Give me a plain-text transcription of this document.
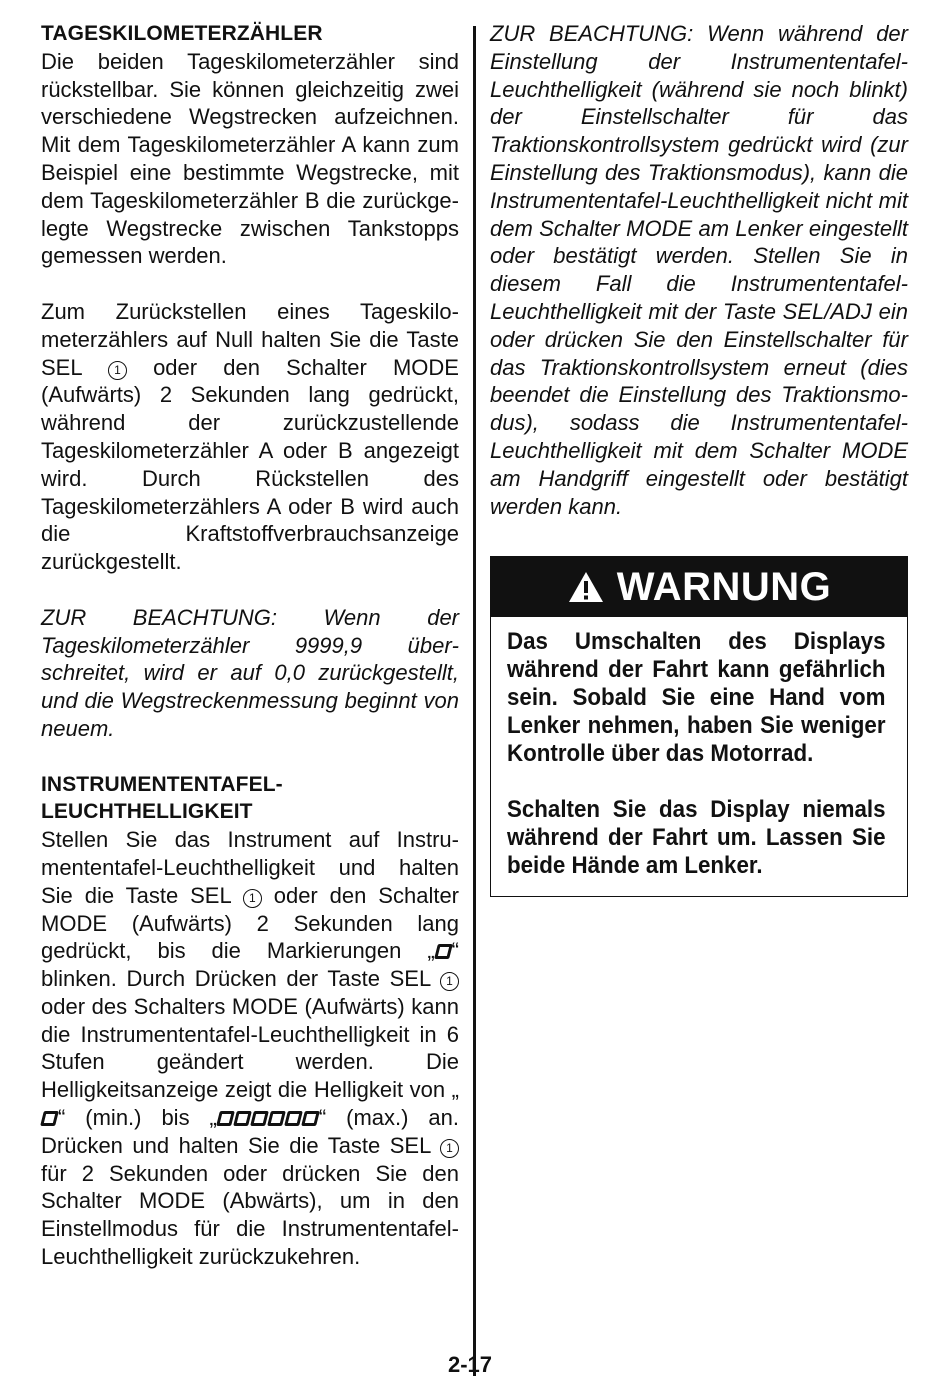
TAGESKILOMETERZÄHLER

Die beiden Tageskilometerzähler sind rückstellbar. Sie können gleichzeitig zwei verschiedene Wegstrecken aufzeichnen. Mit dem Tageskilometerzähler A kann zum Beispiel eine bestimmte Wegstrecke, mit dem Tageskilometerzähler B die zurückgelegte Wegstrecke zwischen Tankstopps gemessen werden.

Zum Zurückstellen eines Tageskilometerzählers auf Null halten Sie die Taste SEL 1 oder den Schalter MODE (Aufwärts) 2 Sekunden lang gedrückt, während der zurückzustellende Tageskilometerzähler A oder B angezeigt wird. Durch Rückstellen des Tageskilometerzählers A oder B wird auch die Kraftstoffverbrauchsanzeige zurückgestellt.

ZUR BEACHTUNG: Wenn der Tageskilometerzähler 9999,9 überschreitet, wird er auf 0,0 zurückgestellt, und die Wegstreckenmessung beginnt von neuem.

INSTRUMENTENTAFEL-
LEUCHTHELLIGKEIT

Stellen Sie das Instrument auf Instrumententafel-Leuchthelligkeit und halten Sie die Taste SEL 1 oder den Schalter MODE (Aufwärts) 2 Sekunden lang gedrückt, bis die Markierungen „ “ blinken. Durch Drücken der Taste SEL 1 oder des Schalters MODE (Aufwärts) kann die Instrumententafel-Leuchthelligkeit in 6 Stufen geändert werden. Die Helligkeitsanzeige zeigt die Helligkeit von „“ (min.) bis „	“ (max.) an. Drücken und halten Sie die Taste SEL 1 für 2 Sekunden oder drücken Sie den Schalter MODE (Abwärts), um in den Einstellmodus für die Instrumententafel-Leuchthelligkeit zurückzukehren.

ZUR BEACHTUNG: Wenn während der Einstellung der Instrumententafel-Leuchthelligkeit (während sie noch blinkt) der Einstellschalter für das Traktionskontrollsystem gedrückt wird (zur Einstellung des Traktionsmodus), kann die Instrumententafel-Leuchthelligkeit nicht mit dem Schalter MODE am Lenker eingestellt oder bestätigt werden. Stellen Sie in diesem Fall die Instrumententafel-Leuchthelligkeit mit der Taste SEL/ADJ ein oder drücken Sie den Einstellschalter für das Traktionskontrollsystem erneut (dies beendet die Einstellung des Traktionsmodus), sodass die Instrumententafel-Leuchthelligkeit mit dem Schalter MODE am Handgriff eingestellt oder bestätigt werden kann.

WARNUNG

Das Umschalten des Displays während der Fahrt kann gefährlich sein. Sobald Sie eine Hand vom Lenker nehmen, haben Sie weniger Kontrolle über das Motorrad.

Schalten Sie das Display niemals während der Fahrt um. Lassen Sie beide Hände am Lenker.

2-17
